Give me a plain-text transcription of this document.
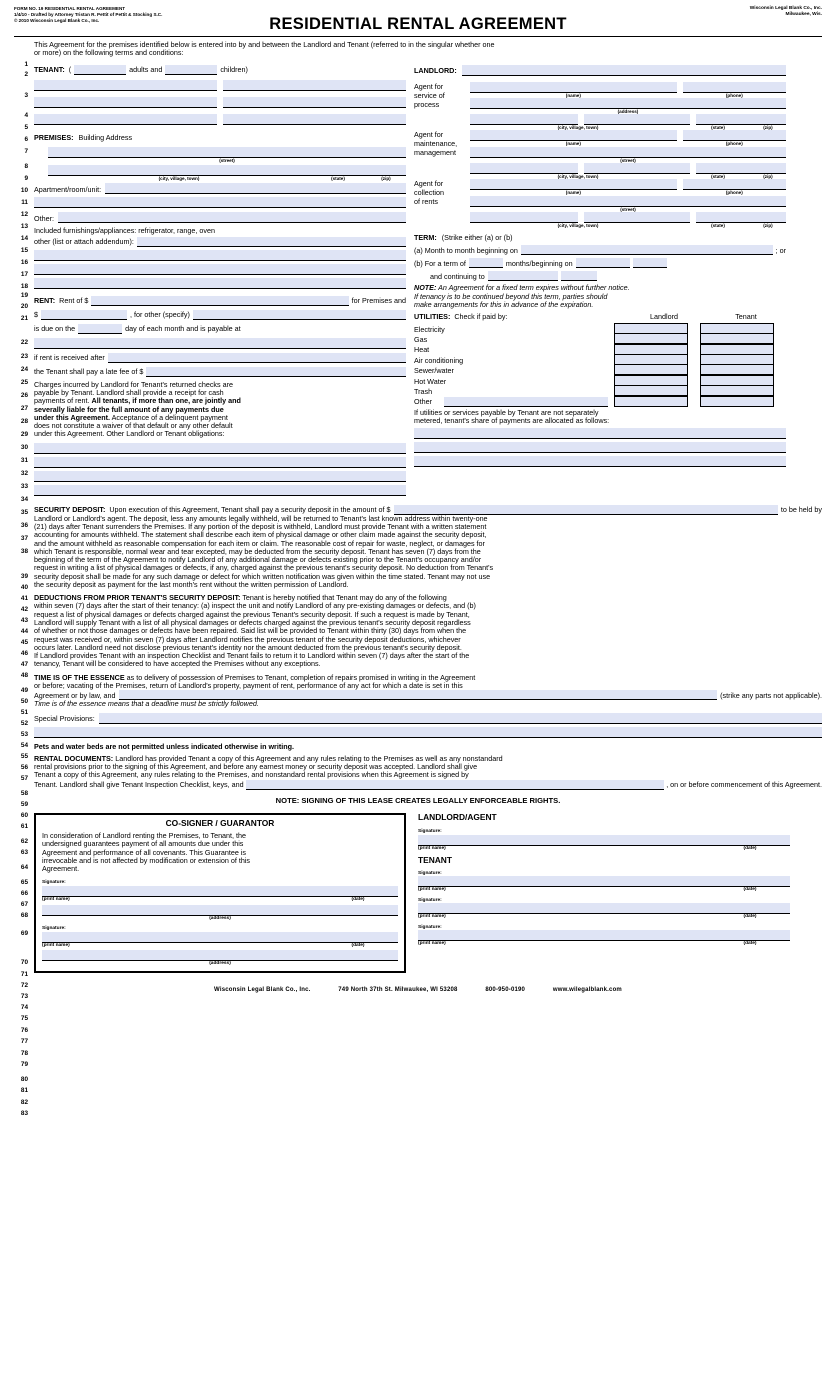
FORM NO. 19 RESIDENTIAL RENTAL AGREEMENT
1/4/10 - Drafted by Attorney Tristan R. Pettit of Pettit & Stocking S.C.
© 2010 Wisconsin Legal Blank Co., Inc.
Wisconsin Legal Blank Co., Inc.
Milwaukee, Wis.
RESIDENTIAL RENTAL AGREEMENT
1
2
3
4
5
6
7
8
9
10
11
12
13
14
15
16
17
18
19
20
21
22
23
24
25
26
27
28
29
30
31
32
33
34
35
36
37
38
39
40
41
42
43
44
45
46
47
48
49
50
51
52
53
54
55
56
57
58
59
60
61
62
63
64
65
66
67
68
69
70
71
72
73
74
75
76
77
78
79
80
81
82
83
This Agreement for the premises identified below is entered into by and between the Landlord and Tenant (referred to in the singular whether one
or more) on the following terms and conditions:
TENANT: (	adults and	children)
PREMISES: Building Address
(street)
(city, village, town)	(state)	(zip)
Apartment/room/unit:
Other:
Included furnishings/appliances: refrigerator, range, oven
other (list or attach addendum):
RENT: Rent of $	for Premises and
$	, for other (specify)
is due on the	day of each month and is payable at
if rent is received after
the Tenant shall pay a late fee of $
Charges incurred by Landlord for Tenant's returned checks are
payable by Tenant. Landlord shall provide a receipt for cash
payments of rent. All tenants, if more than one, are jointly and
severally liable for the full amount of any payments due
under this Agreement. Acceptance of a delinquent payment
does not constitute a waiver of that default or any other default
under this Agreement. Other Landlord or Tenant obligations:
LANDLORD:
Agent for
service of
process
(name)	(phone)
(address)
(city, village, town)	(state)	(zip)
Agent for
maintenance,
management
(name)	(phone)
(street)
(city, village, town)	(state)	(zip)
Agent for
collection
of rents
(name)	(phone)
(street)
(city, village, town)	(state)	(zip)
TERM: (Strike either (a) or (b)
(a) Month to month beginning on	; or
(b) For a term of	months/beginning on
and continuing to
NOTE: An Agreement for a fixed term expires without further notice.
If tenancy is to be continued beyond this term, parties should
make arrangements for this in advance of the expiration.
UTILITIES: Check if paid by:	Landlord	Tenant
Electricity
Gas
Heat
Air conditioning
Sewer/water
Hot Water
Trash
Other
If utilities or services payable by Tenant are not separately
metered, tenant's share of payments are allocated as follows:
SECURITY DEPOSIT: Upon execution of this Agreement, Tenant shall pay a security deposit in the amount of $	to be held by
Landlord or Landlord's agent. The deposit, less any amounts legally withheld, will be returned to Tenant's last known address within twenty-one
(21) days after Tenant surrenders the Premises. If any portion of the deposit is withheld, Landlord must provide Tenant with a written statement
accounting for amounts withheld. The statement shall describe each item of physical damage or other claim made against the security deposit,
and the amount withheld as reasonable compensation for each item or claim. The reasonable cost of repair for waste, neglect, or damages for
which Tenant is responsible, normal wear and tear excepted, may be deducted from the security deposit. Tenant has seven (7) days from the
beginning of the term of the Agreement to notify Landlord of any additional damage or defects existing prior to the Tenant's occupancy and/or
request in writing a list of physical damages or defects, if any, charged against the previous tenant's security deposit. No deduction from Tenant's
security deposit shall be made for any such damage or defect for which written notification was given within the time stated. Tenant may not use
the security deposit as payment for the last month's rent without the written permission of Landlord.
DEDUCTIONS FROM PRIOR TENANT'S SECURITY DEPOSIT: Tenant is hereby notified that Tenant may do any of the following
within seven (7) days after the start of their tenancy: (a) inspect the unit and notify Landlord of any pre-existing damages or defects, and (b)
request a list of physical damages or defects charged against the previous Tenant's security deposit. If such a request is made by Tenant,
Landlord will supply Tenant with a list of all physical damages or defects charged against the previous tenant's security deposit regardless
of whether or not those damages or defects have been repaired. Said list will be provided to Tenant within thirty (30) days from when the
request was received or, within seven (7) days after Landlord notifies the previous tenant of the security deposit deductions, whichever
occurs later. Landlord need not disclose previous tenant's identity nor the amount deducted from the previous tenant's security deposit.
If Landlord provides Tenant with an inspection Checklist and Tenant fails to return it to Landlord within seven (7) days after the start of the
tenancy, Tenant will be considered to have accepted the Premises without any exceptions.
TIME IS OF THE ESSENCE as to delivery of possession of Premises to Tenant, completion of repairs promised in writing in the Agreement
or before; vacating of the Premises, return of Landlord's property, payment of rent, performance of any act for which a date is set in this
Agreement or by law, and	(strike any parts not applicable).
Time is of the essence means that a deadline must be strictly followed.
Special Provisions:
Pets and water beds are not permitted unless indicated otherwise in writing.
RENTAL DOCUMENTS: Landlord has provided Tenant a copy of this Agreement and any rules relating to the Premises as well as any nonstandard
rental provisions prior to the signing of this Agreement, and before any earnest money or security deposit was accepted. Landlord shall give
Tenant a copy of this Agreement, any rules relating to the Premises, and nonstandard rental provisions when this Agreement is signed by
Tenant. Landlord shall give Tenant Inspection Checklist, keys, and	, on or before commencement of this Agreement.
NOTE: SIGNING OF THIS LEASE CREATES LEGALLY ENFORCEABLE RIGHTS.
CO-SIGNER / GUARANTOR
In consideration of Landlord renting the Premises, to Tenant, the
undersigned guarantees payment of all amounts due under this
Agreement and performance of all covenants. This Guarantee is
irrevocable and is not affected by modification or extension of this
Agreement.
Signature:
(print name)	(date)
(address)
Signature:
(print name)	(date)
(address)
LANDLORD/AGENT
Signature:
(print name)	(date)
TENANT
Signature:
(print name)	(date)
Signature:
(print name)	(date)
Signature:
(print name)	(date)
Wisconsin Legal Blank Co., Inc.	749 North 37th St. Milwaukee, WI 53208	800-950-0190	www.wilegalblank.com
